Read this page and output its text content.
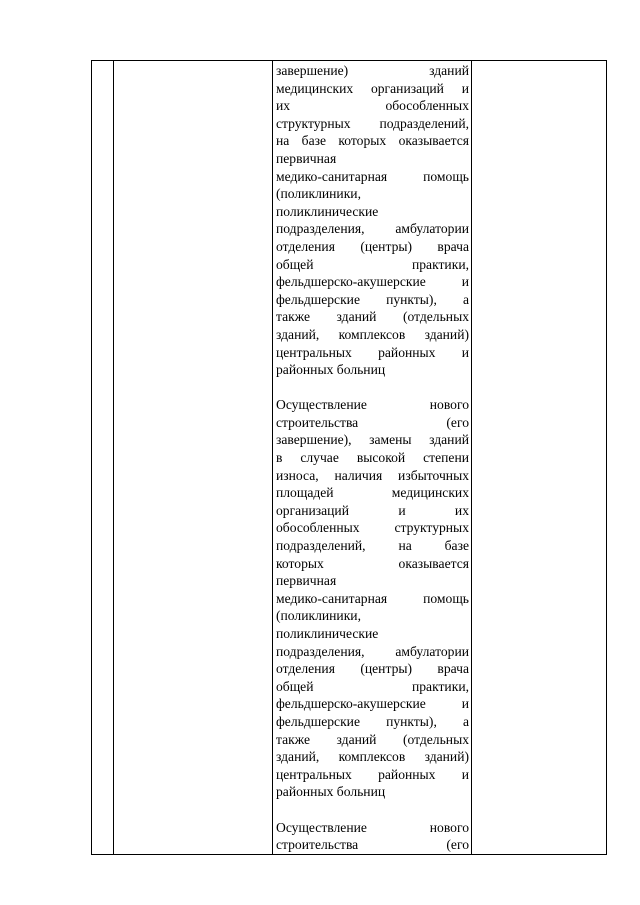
завершение) зданий
медицинских организаций и
их обособленных
структурных подразделений,
на базе которых оказывается
первичная
медико-санитарная помощь
(поликлиники,
поликлинические
подразделения, амбулатории
отделения (центры) врача
общей практики,
фельдшерско-акушерские и
фельдшерские пункты), а
также зданий (отдельных
зданий, комплексов зданий)
центральных районных и
районных больниц
Осуществление нового
строительства (его
завершение), замены зданий
в случае высокой степени
износа, наличия избыточных
площадей медицинских
организаций и их
обособленных структурных
подразделений, на базе
которых оказывается
первичная
медико-санитарная помощь
(поликлиники,
поликлинические
подразделения, амбулатории
отделения (центры) врача
общей практики,
фельдшерско-акушерские и
фельдшерские пункты), а
также зданий (отдельных
зданий, комплексов зданий)
центральных районных и
районных больниц
Осуществление нового
строительства (его
